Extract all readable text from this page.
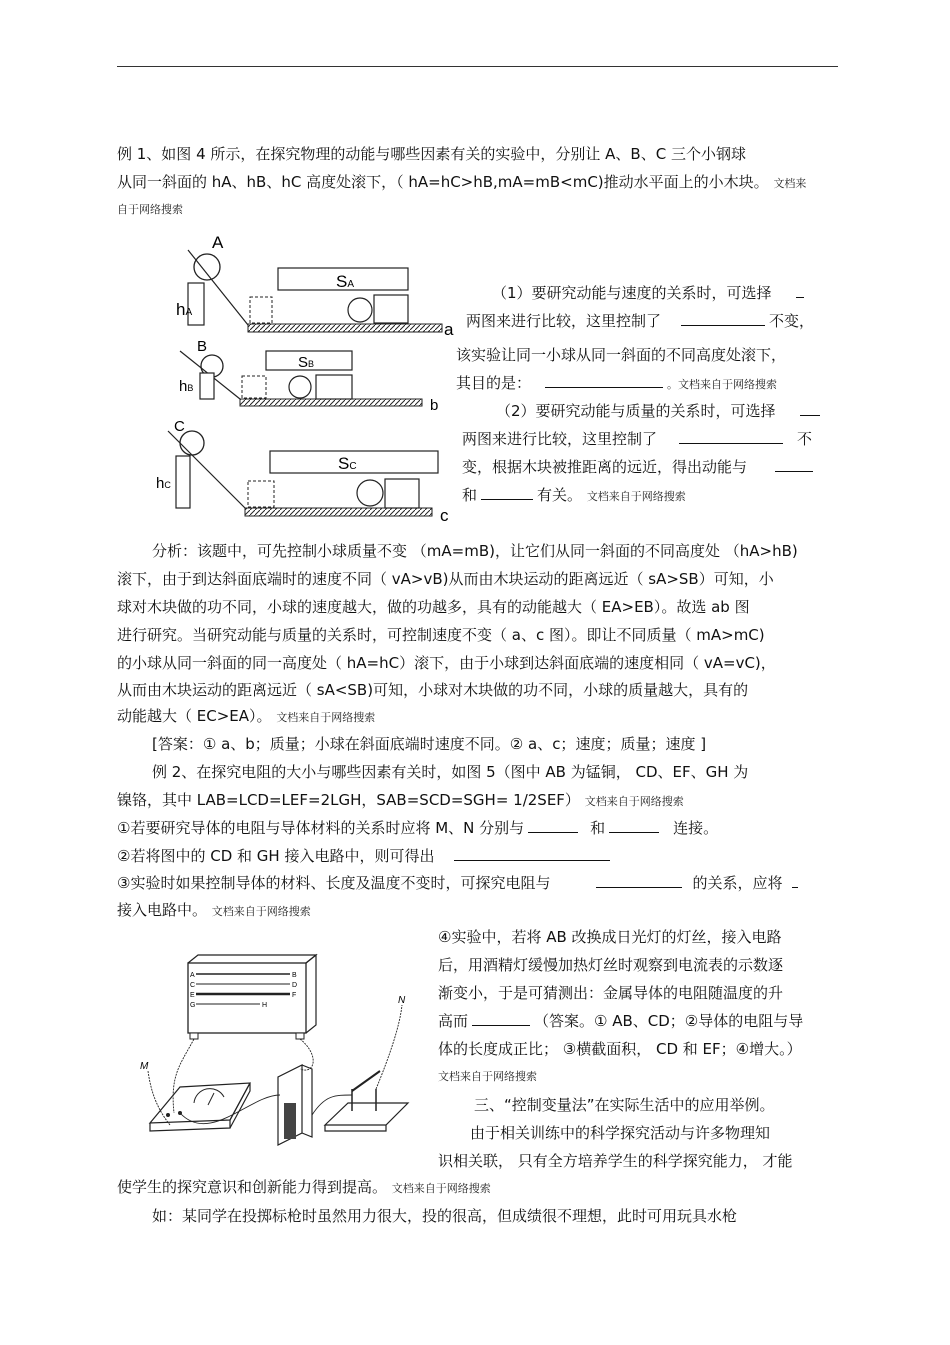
例 1、如图 4 所示，在探究物理的动能与哪些因素有关的实验中，分别让 A、B、C 三个小钢球
从同一斜面的 hA、hB、hC 高度处滚下，（ hA=hC>hB,mA=mB<mC)推动水平面上的小木块。 文档来
自于网络搜索
A
hA
SA
a
B
hB
SB
b
C
hC
SC
c
（1）要研究动能与速度的关系时，可选择
两图来进行比较，这里控制了	不变，
该实验让同一小球从同一斜面的不同高度处滚下，
其目的是：	。文档来自于网络搜索
（2）要研究动能与质量的关系时，可选择
两图来进行比较，这里控制了	不
变，根据木块被推距离的远近，得出动能与
和	有关。 文档来自于网络搜索
分析：该题中，可先控制小球质量不变 （mA=mB)，让它们从同一斜面的不同高度处 （hA>hB)
滚下，由于到达斜面底端时的速度不同（ vA>vB)从而由木块运动的距离远近（ sA>SB）可知，小
球对木块做的功不同，小球的速度越大，做的功越多，具有的动能越大（ EA>EB）。故选 ab 图
进行研究。当研究动能与质量的关系时，可控制速度不变（ a、c 图）。即让不同质量（ mA>mC)
的小球从同一斜面的同一高度处（ hA=hC）滚下，由于小球到达斜面底端的速度相同（ vA=vC)，
从而由木块运动的距离远近（ sA<SB)可知，小球对木块做的功不同，小球的质量越大，具有的
动能越大（ EC>EA）。 文档来自于网络搜索
[答案：① a、b；质量；小球在斜面底端时速度不同。② a、c；速度；质量；速度 ]
例 2、在探究电阻的大小与哪些因素有关时，如图 5（图中 AB 为锰铜， CD、EF、GH 为
镍铬，其中 LAB=LCD=LEF=2LGH，SAB=SCD=SGH= 1/2SEF） 文档来自于网络搜索
①若要研究导体的电阻与导体材料的关系时应将 M、N 分别与	和	连接。
②若将图中的 CD 和 GH 接入电路中，则可得出
③实验时如果控制导体的材料、长度及温度不变时，可探究电阻与	的关系，应将
接入电路中。 文档来自于网络搜索
④实验中，若将 AB 改换成日光灯的灯丝，接入电路
后，用酒精灯缓慢加热灯丝时观察到电流表的示数逐
渐变小，于是可猜测出：金属导体的电阻随温度的升
高而	（答案。① AB、CD；②导体的电阻与导
体的长度成正比； ③横截面积， CD 和 EF；④增大。）
文档来自于网络搜索
A	B
C	D
E	F
G	H
M
N
三、“控制变量法”在实际生活中的应用举例。
由于相关训练中的科学探究活动与许多物理知
识相关联， 只有全方培养学生的科学探究能力， 才能
使学生的探究意识和创新能力得到提高。 文档来自于网络搜索
如：某同学在投掷标枪时虽然用力很大，投的很高，但成绩很不理想，此时可用玩具水枪
